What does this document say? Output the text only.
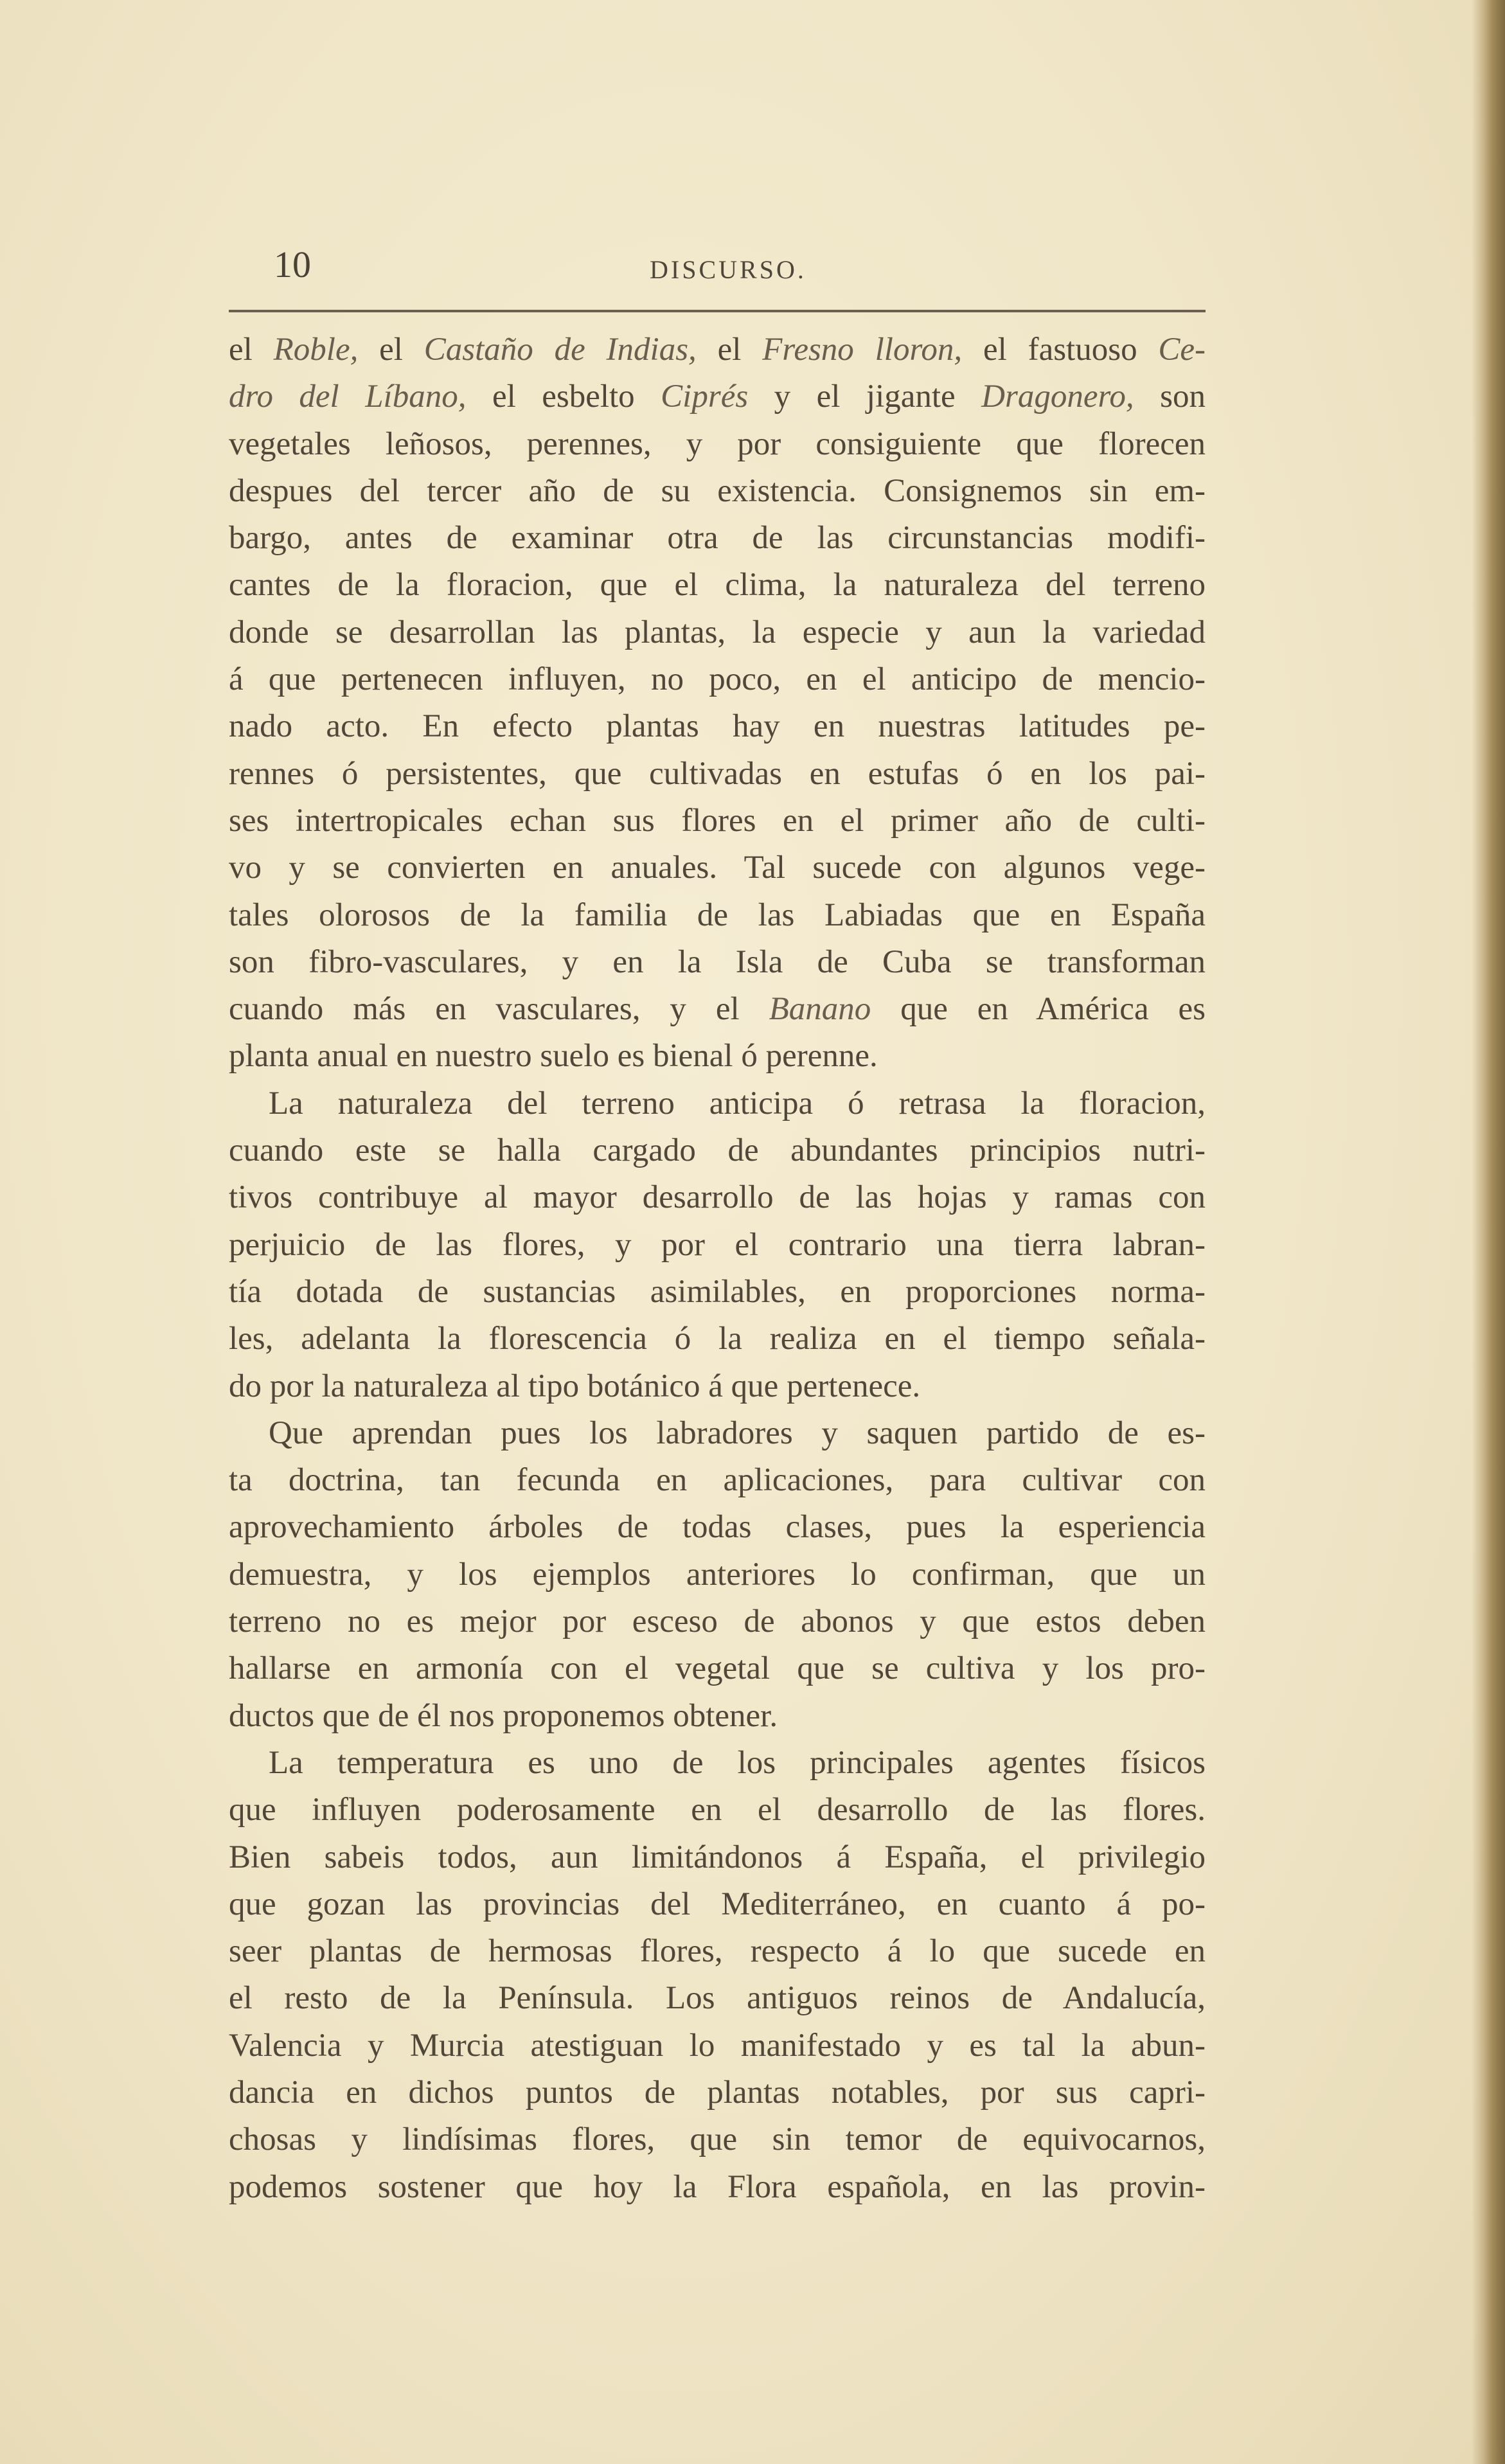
10	DISCURSO.
el Roble, el Castaño de Indias, el Fresno lloron, el fastuoso Ce-
dro del Líbano, el esbelto Ciprés y el jigante Dragonero, son
vegetales leñosos, perennes, y por consiguiente que florecen
despues del tercer año de su existencia. Consignemos sin em-
bargo, antes de examinar otra de las circunstancias modifi-
cantes de la floracion, que el clima, la naturaleza del terreno
donde se desarrollan las plantas, la especie y aun la variedad
á que pertenecen influyen, no poco, en el anticipo de mencio-
nado acto. En efecto plantas hay en nuestras latitudes pe-
rennes ó persistentes, que cultivadas en estufas ó en los pai-
ses intertropicales echan sus flores en el primer año de culti-
vo y se convierten en anuales. Tal sucede con algunos vege-
tales olorosos de la familia de las Labiadas que en España
son fibro-vasculares, y en la Isla de Cuba se transforman
cuando más en vasculares, y el Banano que en América es
planta anual en nuestro suelo es bienal ó perenne.
La naturaleza del terreno anticipa ó retrasa la floracion,
cuando este se halla cargado de abundantes principios nutri-
tivos contribuye al mayor desarrollo de las hojas y ramas con
perjuicio de las flores, y por el contrario una tierra labran-
tía dotada de sustancias asimilables, en proporciones norma-
les, adelanta la florescencia ó la realiza en el tiempo señala-
do por la naturaleza al tipo botánico á que pertenece.
Que aprendan pues los labradores y saquen partido de es-
ta doctrina, tan fecunda en aplicaciones, para cultivar con
aprovechamiento árboles de todas clases, pues la esperiencia
demuestra, y los ejemplos anteriores lo confirman, que un
terreno no es mejor por esceso de abonos y que estos deben
hallarse en armonía con el vegetal que se cultiva y los pro-
ductos que de él nos proponemos obtener.
La temperatura es uno de los principales agentes físicos
que influyen poderosamente en el desarrollo de las flores.
Bien sabeis todos, aun limitándonos á España, el privilegio
que gozan las provincias del Mediterráneo, en cuanto á po-
seer plantas de hermosas flores, respecto á lo que sucede en
el resto de la Península. Los antiguos reinos de Andalucía,
Valencia y Murcia atestiguan lo manifestado y es tal la abun-
dancia en dichos puntos de plantas notables, por sus capri-
chosas y lindísimas flores, que sin temor de equivocarnos,
podemos sostener que hoy la Flora española, en las provin-
